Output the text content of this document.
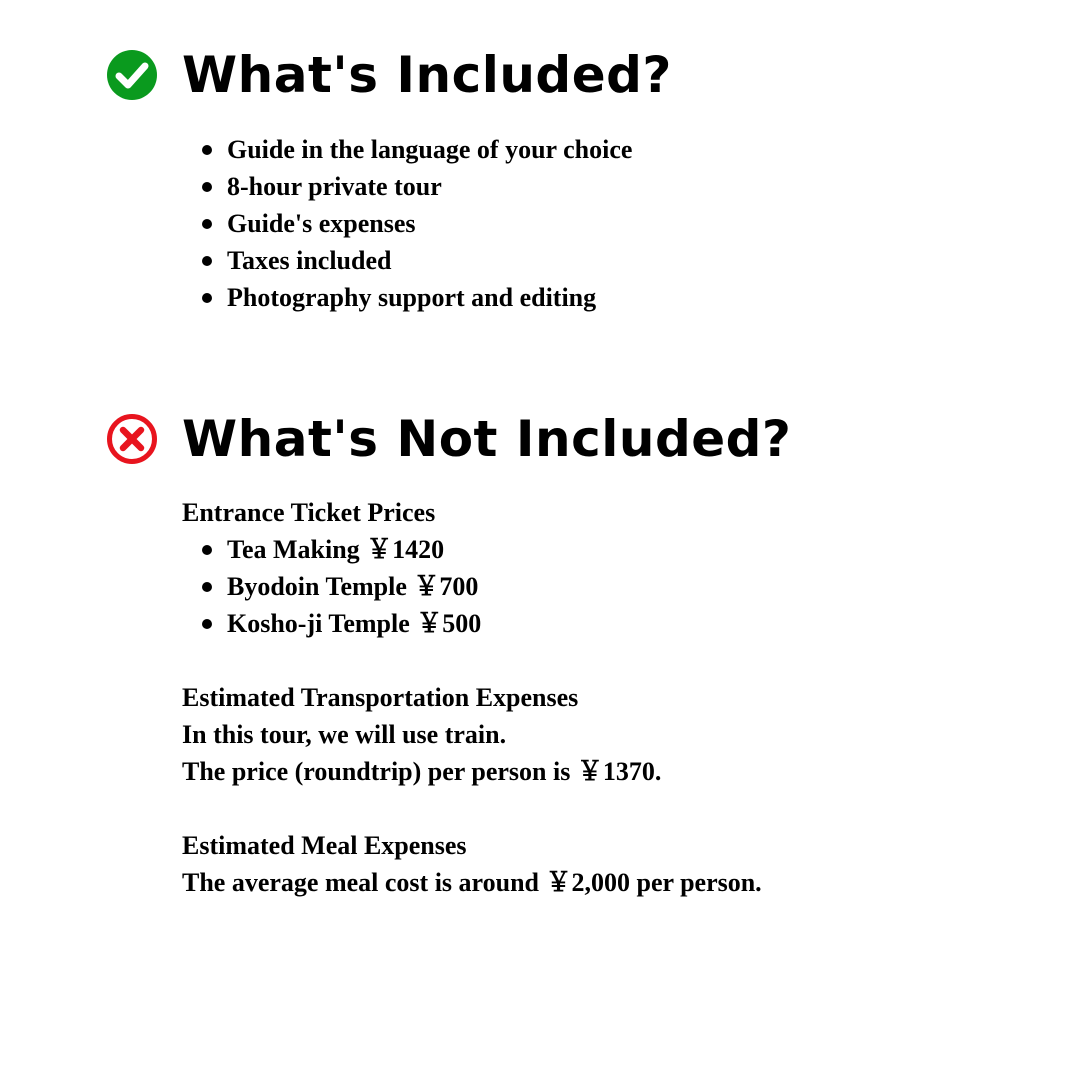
What's Included?
Guide in the language of your choice
8-hour private tour
Guide's expenses
Taxes included
Photography support and editing
What's Not Included?

Entrance Ticket Prices

Tea Making ￥1420
Byodoin Temple ￥700
Kosho-ji Temple ￥500

Estimated Transportation Expenses

In this tour, we will use train.

The price (roundtrip) per person is ￥1370.

Estimated Meal Expenses

The average meal cost is around ￥2,000 per person.
